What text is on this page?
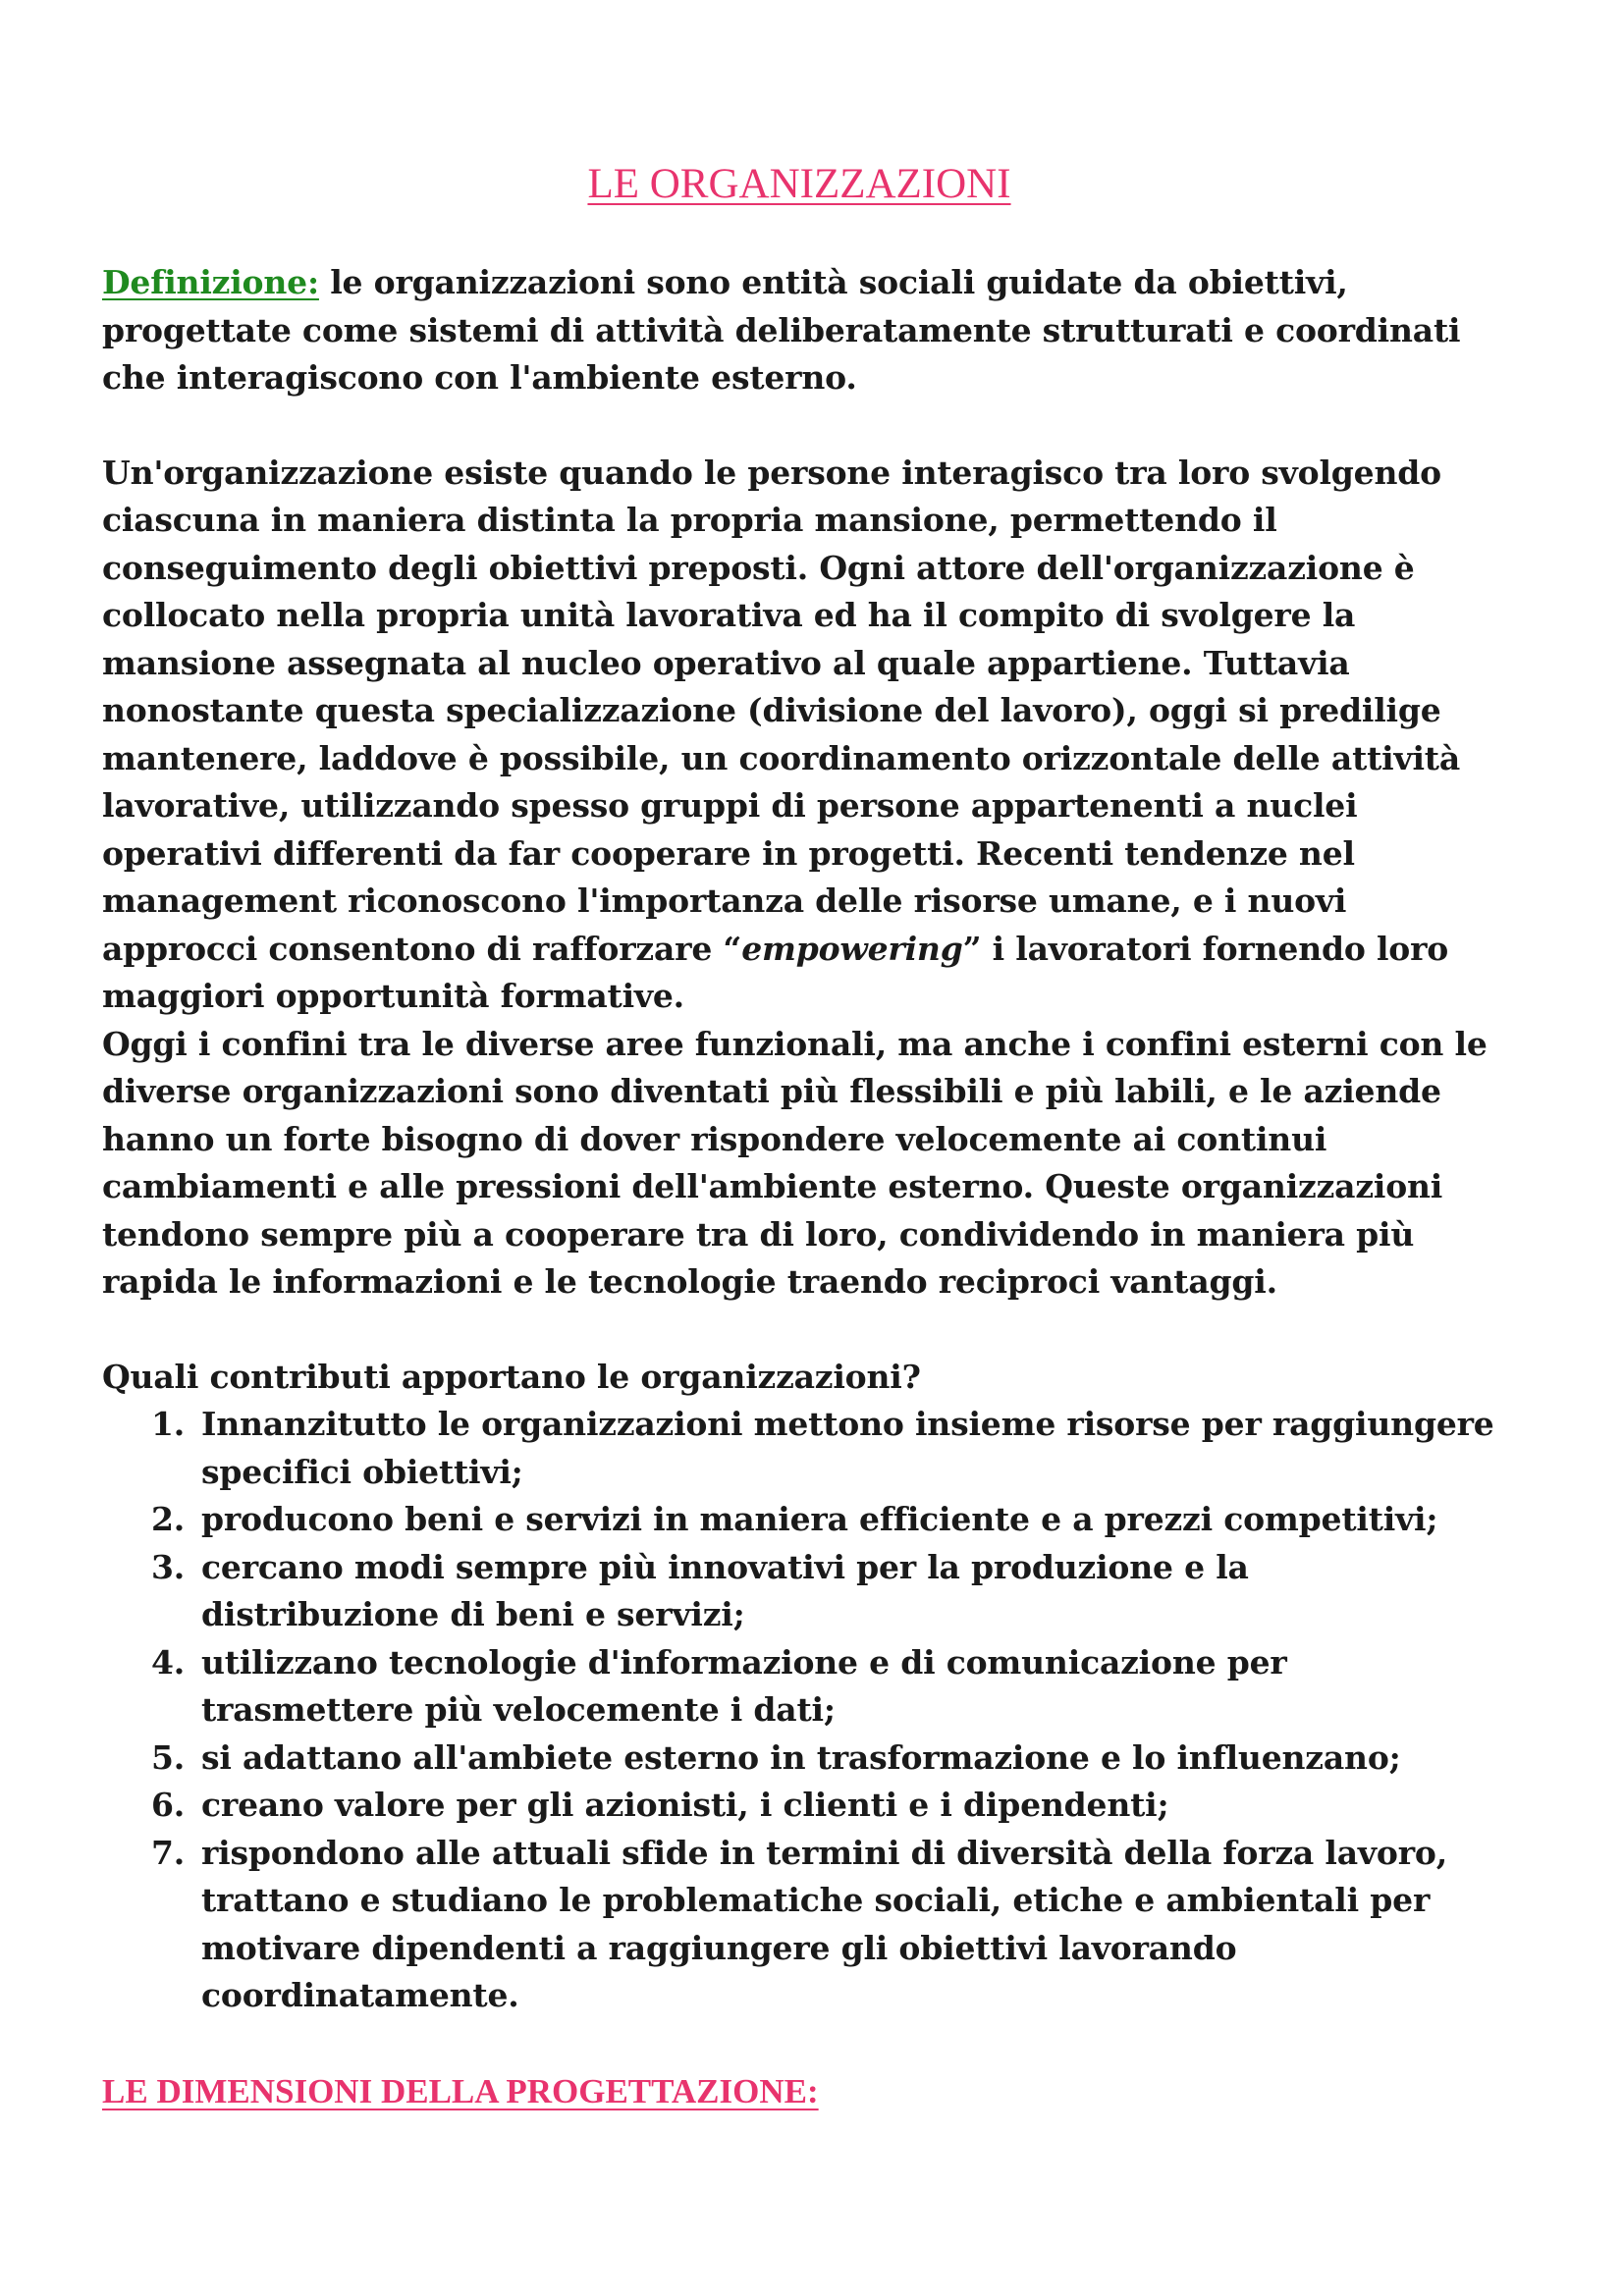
LE ORGANIZZAZIONI

Definizione: le organizzazioni sono entità sociali guidate da obiettivi, progettate come sistemi di attività deliberatamente strutturati e coordinati che interagiscono con l'ambiente esterno.

Un'organizzazione esiste quando le persone interagisco tra loro svolgendo ciascuna in maniera distinta la propria mansione, permettendo il conseguimento degli obiettivi preposti. Ogni attore dell'organizzazione è collocato nella propria unità lavorativa ed ha il compito di svolgere la mansione assegnata al nucleo operativo al quale appartiene. Tuttavia nonostante questa specializzazione (divisione del lavoro), oggi si predilige mantenere, laddove è possibile, un coordinamento orizzontale delle attività lavorative, utilizzando spesso gruppi di persone appartenenti a nuclei operativi differenti da far cooperare in progetti. Recenti tendenze nel management riconoscono l'importanza delle risorse umane, e i nuovi approcci consentono di rafforzare “empowering” i lavoratori fornendo loro maggiori opportunità formative.

Oggi i confini tra le diverse aree funzionali, ma anche i confini esterni con le diverse organizzazioni sono diventati più flessibili e più labili, e le aziende hanno un forte bisogno di dover rispondere velocemente ai continui cambiamenti e alle pressioni dell'ambiente esterno. Queste organizzazioni tendono sempre più a cooperare tra di loro, condividendo in maniera più rapida le informazioni e le tecnologie traendo reciproci vantaggi.

Quali contributi apportano le organizzazioni?

1. Innanzitutto le organizzazioni mettono insieme risorse per raggiungere specifici obiettivi;
2. producono beni e servizi in maniera efficiente e a prezzi competitivi;
3. cercano modi sempre più innovativi per la produzione e la distribuzione di beni e servizi;
4. utilizzano tecnologie d'informazione e di comunicazione per trasmettere più velocemente i dati;
5. si adattano all'ambiete esterno in trasformazione e lo influenzano;
6. creano valore per gli azionisti, i clienti e i dipendenti;
7. rispondono alle attuali sfide in termini di diversità della forza lavoro, trattano e studiano le problematiche sociali, etiche e ambientali per motivare dipendenti a raggiungere gli obiettivi lavorando coordinatamente.
LE DIMENSIONI DELLA PROGETTAZIONE:
